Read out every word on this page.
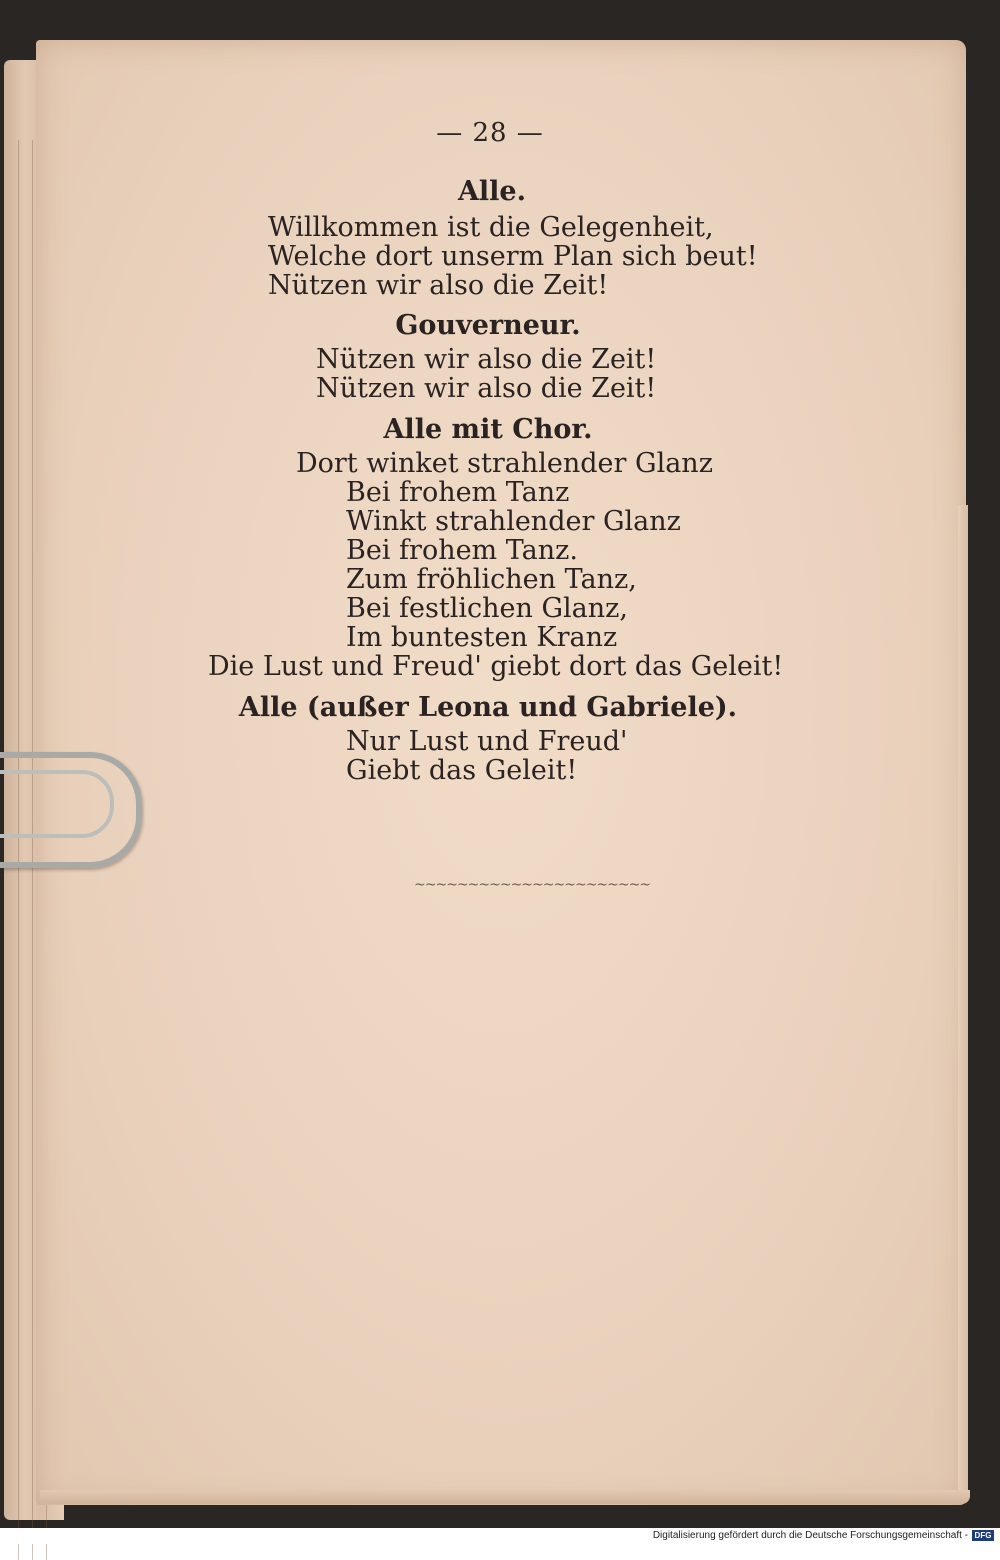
— 28 —
Alle.
Willkommen ist die Gelegenheit,
Welche dort unserm Plan sich beut!
Nützen wir also die Zeit!
Gouverneur.
Nützen wir also die Zeit!
Nützen wir also die Zeit!
Alle mit Chor.
Dort winket strahlender Glanz
Bei frohem Tanz
Winkt strahlender Glanz
Bei frohem Tanz.
Zum fröhlichen Tanz,
Bei festlichen Glanz,
Im buntesten Kranz
Die Lust und Freud' giebt dort das Geleit!
Alle (außer Leona und Gabriele).
Nur Lust und Freud'
Giebt das Geleit!
~~~~~~~~~~~~~~~~~~~~~~
Digitalisierung gefördert durch die Deutsche Forschungsgemeinschaft - DFG
